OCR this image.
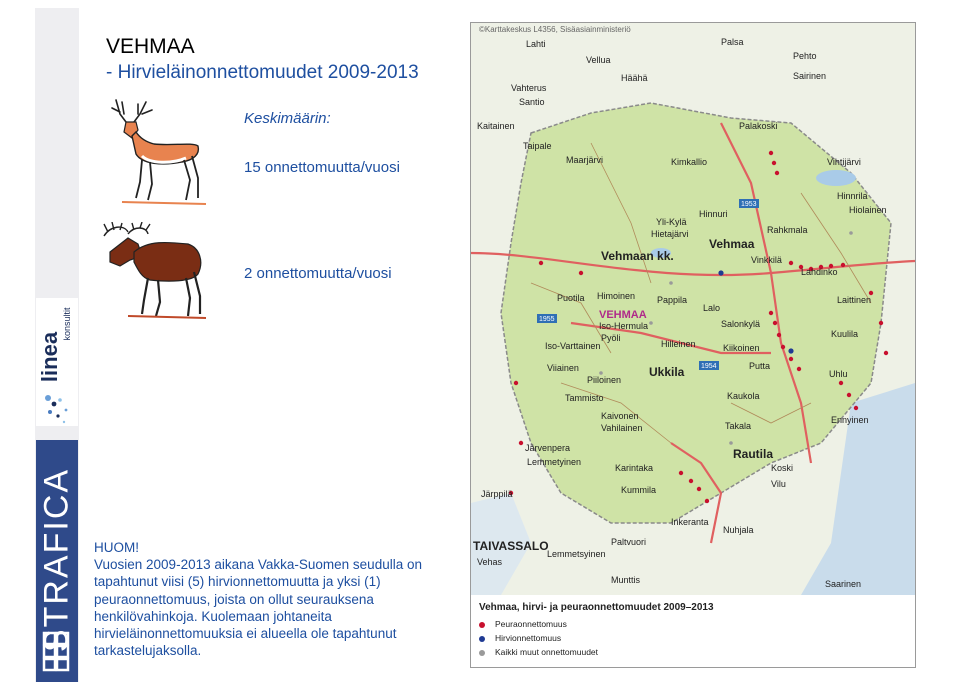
linea
konsultit
STRAFICA
VEHMAA
- Hirvieläinonnettomuudet 2009-2013
Keskimäärin:
15 onnettomuutta/vuosi
2 onnettomuutta/vuosi
HUOM!
Vuosien 2009-2013 aikana Vakka-Suomen seudulla on tapahtunut viisi (5) hirvionnettomuutta ja yksi (1) peuraonnettomuus, joista on ollut seurauksena henkilövahinkoja. Kuolemaan johtaneita hirvieläinonnettomuuksia ei alueella ole tapahtunut tarkastelujaksolla.
1953
1955
1954
©Karttakeskus L4356, Sisäasiainministeriö
Lahti	Palsa
Velluа
Häähä
Vahterus
Santio
Pehto
Sairinen
Maarjärvi	Kimkallio	Vihtijärvi
Palakoski
Yli-Kylä
Hietajärvi
Hinnuri
Rahkmala
Vehmaa
Vehmaan kk.	Vinkkilä
Lahdinko
Puotila Himoinen Pappila
Lalo
VEHMAA
Iso-Hermula
Pyöli
Salonkylä
Kuulila
Iso-Varttainen	Hilleinen	Kiikoinen
Uhlu
Viiainen
Piiloinen
Ukkila	Putta
Tammisto	Kaukola
Kaivonen
Vahilainen	Takala
Ennyinen
Järvenpera
Lemmetyinen
Karintaka
Rautila
Koski
Kummila
Vilu
Järppilä
Inkeranta
TAIVASSALO
Lemmetsyinen
Paltvuori
Nuhjala
Vehas
Munttis	Saarinen
Laittinen
Hinnrila
Kaitainen
Taipale
Hiolainen
Vehmaa, hirvi- ja peuraonnettomuudet 2009–2013
Peuraonnettomuus
Hirvionnettomuus
Kaikki muut onnettomuudet
